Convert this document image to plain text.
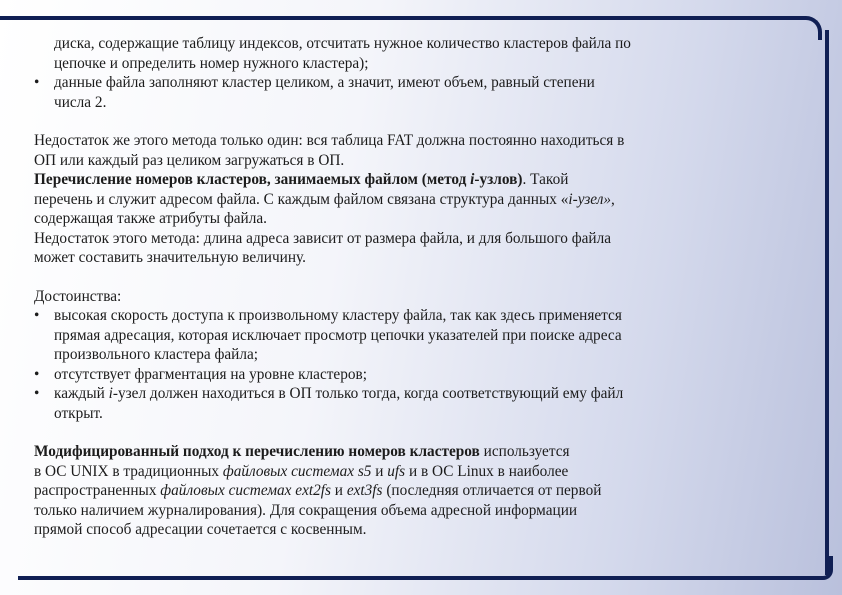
диска, содержащие таблицу индексов, отсчитать нужное количество кластеров файла по

цепочке и определить номер нужного кластера);

• данные файла заполняют кластер целиком, а значит, имеют объем, равный степени

числа 2.

Недостаток же этого метода только один: вся таблица FAT должна постоянно находиться в

ОП или каждый раз целиком загружаться в ОП.

Перечисление номеров кластеров, занимаемых файлом (метод i-узлов). Такой

перечень и служит адресом файла. С каждым файлом связана структура данных «i-узел»,

содержащая также атрибуты файла.

Недостаток этого метода: длина адреса зависит от размера файла, и для большого файла

может составить значительную величину.

Достоинства:

• высокая скорость доступа к произвольному кластеру файла, так как здесь применяется

прямая адресация, которая исключает просмотр цепочки указателей при поиске адреса

произвольного кластера файла;

• отсутствует фрагментация на уровне кластеров;

• каждый i-узел должен находиться в ОП только тогда, когда соответствующий ему файл

открыт.

Модифицированный подход к перечислению номеров кластеров используется

в ОС UNIX в традиционных файловых системах s5 и ufs и в ОС Linux в наиболее

распространенных файловых системах ext2fs и ext3fs (последняя отличается от первой

только наличием журналирования). Для сокращения объема адресной информации

прямой способ адресации сочетается с косвенным.
